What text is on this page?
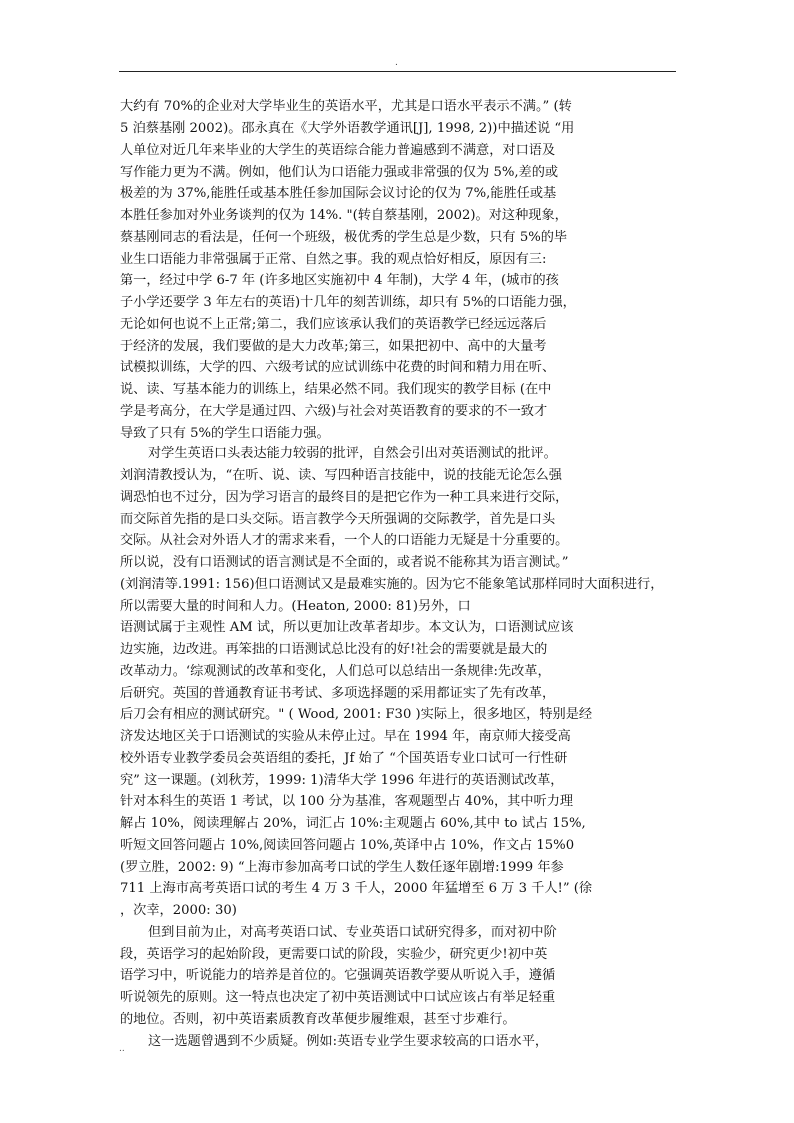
.
大约有 70%的企业对大学毕业生的英语水平，尤其是口语水平表示不满。” (转
5 泊蔡基刚 2002)。邵永真在《大学外语教学通讯[J], 1998, 2))中描述说 “用
人单位对近几年来毕业的大学生的英语综合能力普遍感到不满意，对口语及
写作能力更为不满。例如，他们认为口语能力强或非常强的仅为 5%,差的或
极差的为 37%,能胜任或基本胜任参加国际会议讨论的仅为 7%,能胜任或基
本胜任参加对外业务谈判的仅为 14%. "(转自蔡基刚，2002)。对这种现象，
蔡基刚同志的看法是，任何一个班级，极优秀的学生总是少数，只有 5%的毕
业生口语能力非常强属于正常、自然之事。我的观点恰好相反，原因有三:
第一，经过中学 6-7 年 (许多地区实施初中 4 年制)，大学 4 年，(城市的孩
子小学还要学 3 年左右的英语)十几年的刻苦训练，却只有 5%的口语能力强，
无论如何也说不上正常;第二，我们应该承认我们的英语教学已经远远落后
于经济的发展，我们要做的是大力改革;第三，如果把初中、高中的大量考
试模拟训练，大学的四、六级考试的应试训练中花费的时间和精力用在听、
说、读、写基本能力的训练上，结果必然不同。我们现实的教学目标 (在中
学是考高分，在大学是通过四、六级)与社会对英语教育的要求的不一致才
导致了只有 5%的学生口语能力强。
对学生英语口头表达能力较弱的批评，自然会引出对英语测试的批评。
刘润清教授认为，“在听、说、读、写四种语言技能中，说的技能无论怎么强
调恐怕也不过分，因为学习语言的最终目的是把它作为一种工具来进行交际，
而交际首先指的是口头交际。语言教学今天所强调的交际教学，首先是口头
交际。从社会对外语人才的需求来看，一个人的口语能力无疑是十分重要的。
所以说，没有口语测试的语言测试是不全面的，或者说不能称其为语言测试。”
(刘润清等.1991: 156)但口语测试又是最难实施的。因为它不能象笔试那样同时大面积进行，
所以需要大量的时间和人力。(Heaton, 2000: 81)另外，口
语测试属于主观性 AM 试，所以更加让改革者却步。本文认为，口语测试应该
边实施，边改进。再笨拙的口语测试总比没有的好!社会的需要就是最大的
改革动力。‘综观测试的改革和变化，人们总可以总结出一条规律:先改革，
后研究。英国的普通教育证书考试、多项选择题的采用都证实了先有改革，
后刀会有相应的测试研究。" ( Wood, 2001: F30 )实际上，很多地区，特别是经
济发达地区关于口语测试的实验从未停止过。早在 1994 年，南京师大接受高
校外语专业教学委员会英语组的委托，Jf 始了 “个国英语专业口试可一行性研
究” 这一课题。(刘秋芳，1999: 1)清华大学 1996 年进行的英语测试改革，
针对本科生的英语 1 考试，以 100 分为基准，客观题型占 40%，其中听力理
解占 10%，阅读理解占 20%，词汇占 10%:主观题占 60%,其中 to 试占 15%,
听短文回答问题占 10%,阅读回答问题占 10%,英译中占 10%，作文占 15%0
(罗立胜，2002: 9) “上海市参加高考口试的学生人数任逐年剧增:1999 年参
711 上海市高考英语口试的考生 4 万 3 千人，2000 年猛增至 6 万 3 千人!” (徐
，次幸，2000: 30)
但到目前为止，对高考英语口试、专业英语口试研究得多，而对初中阶
段，英语学习的起始阶段，更需要口试的阶段，实验少，研究更少!初中英
语学习中，听说能力的培养是首位的。它强调英语教学要从听说入手，遵循
听说领先的原则。这一特点也决定了初中英语测试中口试应该占有举足轻重
的地位。否则，初中英语素质教育改革便步履维艰，甚至寸步难行。
这一选题曾遇到不少质疑。例如:英语专业学生要求较高的口语水平，
..
